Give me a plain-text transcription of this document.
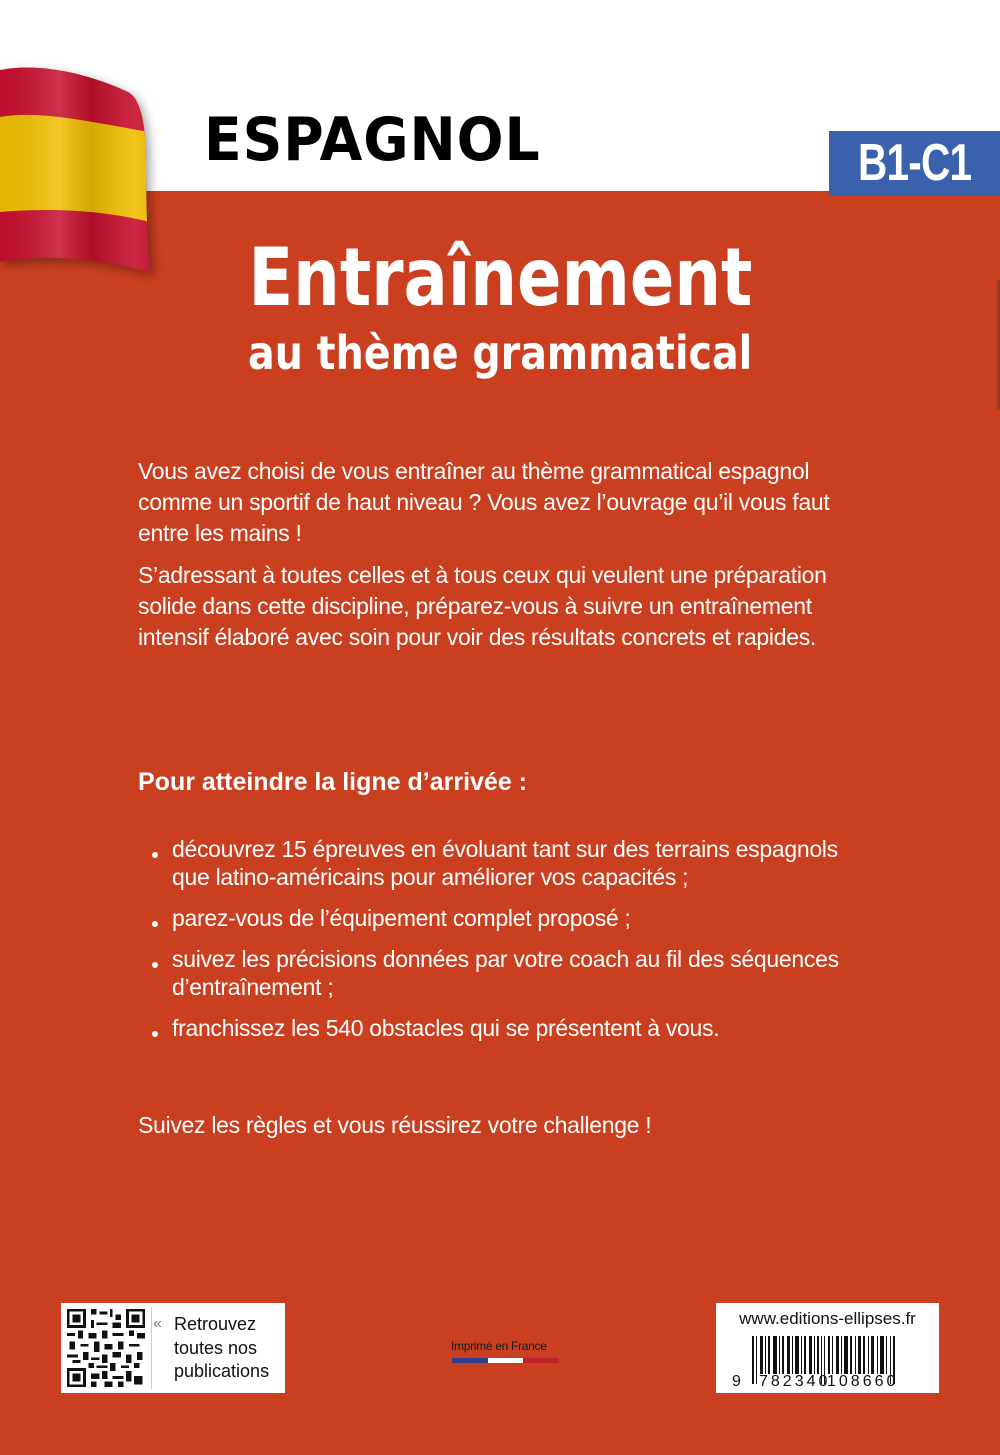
ESPAGNOL	B1-C1
Entraînement
au thème grammatical

Vous avez choisi de vous entraîner au thème grammatical espagnol comme un sportif de haut niveau ? Vous avez l’ouvrage qu’il vous faut entre les mains !

S’adressant à toutes celles et à tous ceux qui veulent une préparation solide dans cette discipline, préparez-vous à suivre un entraînement intensif élaboré avec soin pour voir des résultats concrets et rapides.

Pour atteindre la ligne d’arrivée :
découvrez 15 épreuves en évoluant tant sur des terrains espagnols que latino-américains pour améliorer vos capacités ;
parez-vous de l’équipement complet proposé ;
suivez les précisions données par votre coach au fil des séquences d’entraînement ;
franchissez les 540 obstacles qui se présentent à vous.

Suivez les règles et vous réussirez votre challenge !

« Retrouvez toutes nos publications
Imprimé en France
www.editions-ellipses.fr
9 782340
108660
